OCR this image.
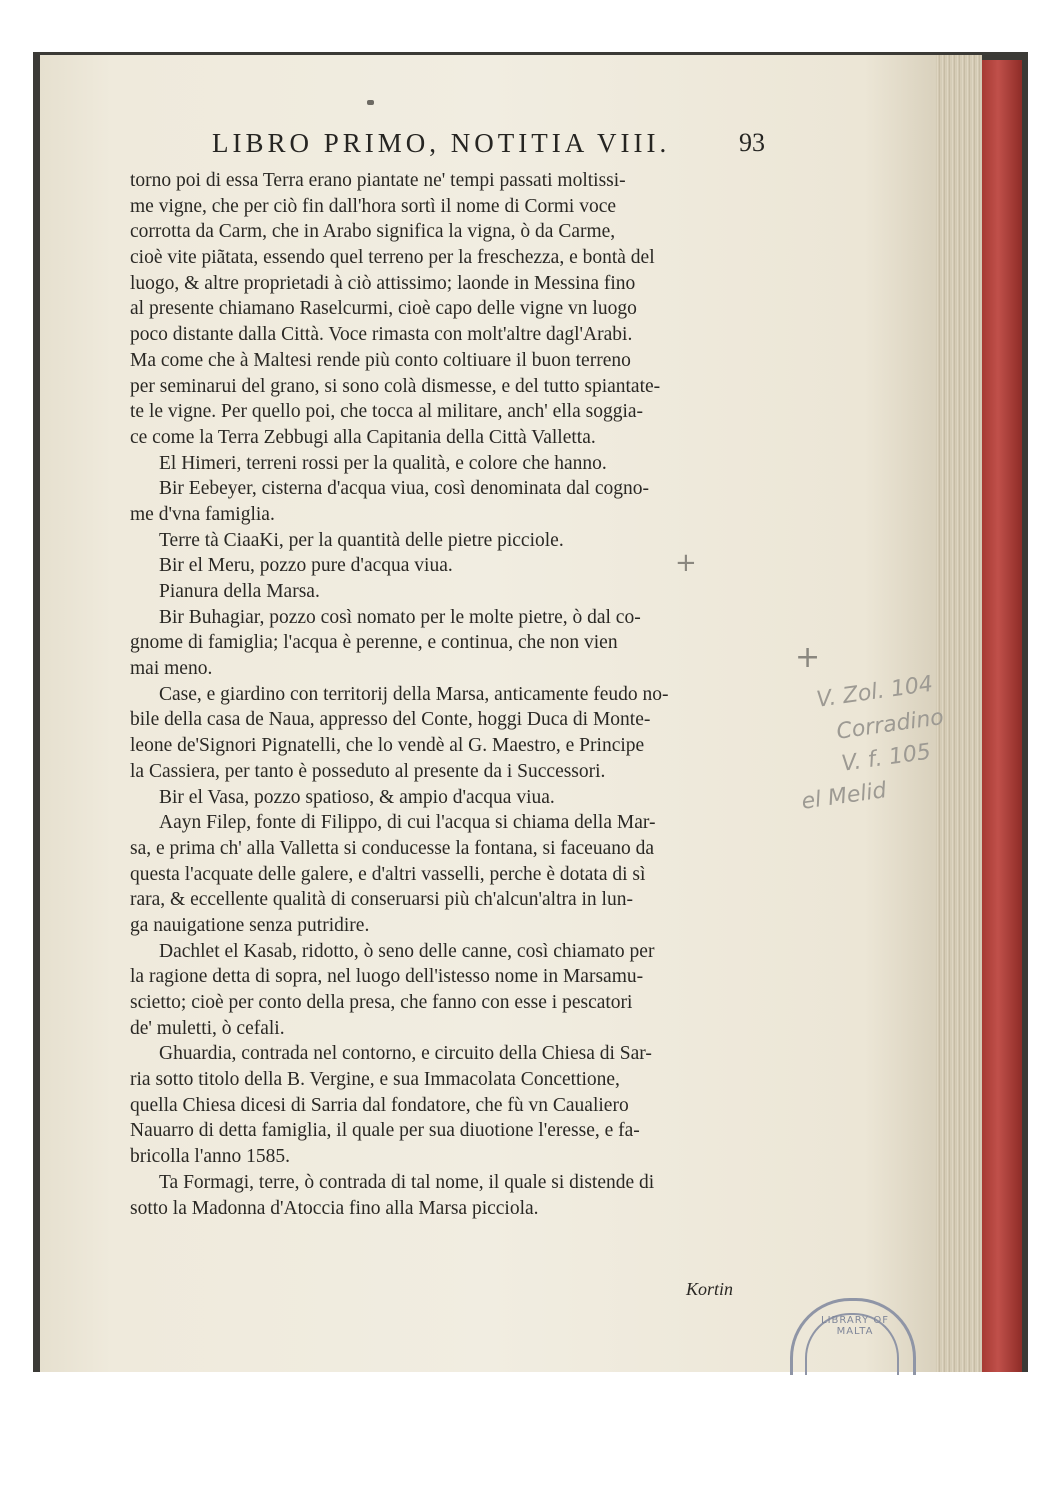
LIBRO PRIMO, NOTITIA VIII.	93
torno poi di essa Terra erano piantate ne' tempi passati moltissi-
me vigne, che per ciò fin dall'hora sortì il nome di Cormi voce
corrotta da Carm, che in Arabo significa la vigna, ò da Carme,
cioè vite piãtata, essendo quel terreno per la freschezza, e bontà del
luogo, & altre proprietadi à ciò attissimo; laonde in Messina fino
al presente chiamano Raselcurmi, cioè capo delle vigne vn luogo
poco distante dalla Città. Voce rimasta con molt'altre dagl'Arabi.
Ma come che à Maltesi rende più conto coltiuare il buon terreno
per seminarui del grano, si sono colà dismesse, e del tutto spiantate-
te le vigne. Per quello poi, che tocca al militare, anch' ella soggia-
ce come la Terra Zebbugi alla Capitania della Città Valletta.
El Himeri, terreni rossi per la qualità, e colore che hanno.
Bir Eebeyer, cisterna d'acqua viua, così denominata dal cogno-
me d'vna famiglia.
Terre tà CiaaKi, per la quantità delle pietre picciole.
Bir el Meru, pozzo pure d'acqua viua.
Pianura della Marsa.
Bir Buhagiar, pozzo così nomato per le molte pietre, ò dal co-
gnome di famiglia; l'acqua è perenne, e continua, che non vien
mai meno.
Case, e giardino con territorij della Marsa, anticamente feudo no-
bile della casa de Naua, appresso del Conte, hoggi Duca di Monte-
leone de'Signori Pignatelli, che lo vendè al G. Maestro, e Principe
la Cassiera, per tanto è posseduto al presente da i Successori.
Bir el Vasa, pozzo spatioso, & ampio d'acqua viua.
Aayn Filep, fonte di Filippo, di cui l'acqua si chiama della Mar-
sa, e prima ch' alla Valletta si conducesse la fontana, si faceuano da
questa l'acquate delle galere, e d'altri vasselli, perche è dotata di sì
rara, & eccellente qualità di conseruarsi più ch'alcun'altra in lun-
ga nauigatione senza putridire.
Dachlet el Kasab, ridotto, ò seno delle canne, così chiamato per
la ragione detta di sopra, nel luogo dell'istesso nome in Marsamu-
scietto; cioè per conto della presa, che fanno con esse i pescatori
de' muletti, ò cefali.
Ghuardia, contrada nel contorno, e circuito della Chiesa di Sar-
ria sotto titolo della B. Vergine, e sua Immacolata Concettione,
quella Chiesa dicesi di Sarria dal fondatore, che fù vn Caualiero
Nauarro di detta famiglia, il quale per sua diuotione l'eresse, e fa-
bricolla l'anno 1585.
Ta Formagi, terre, ò contrada di tal nome, il quale si distende di
sotto la Madonna d'Atoccia fino alla Marsa picciola.
Kortin
+
+
V. Zol. 104
Corradino
V. f. 105
el Melid
LIBRARY OF MALTA
